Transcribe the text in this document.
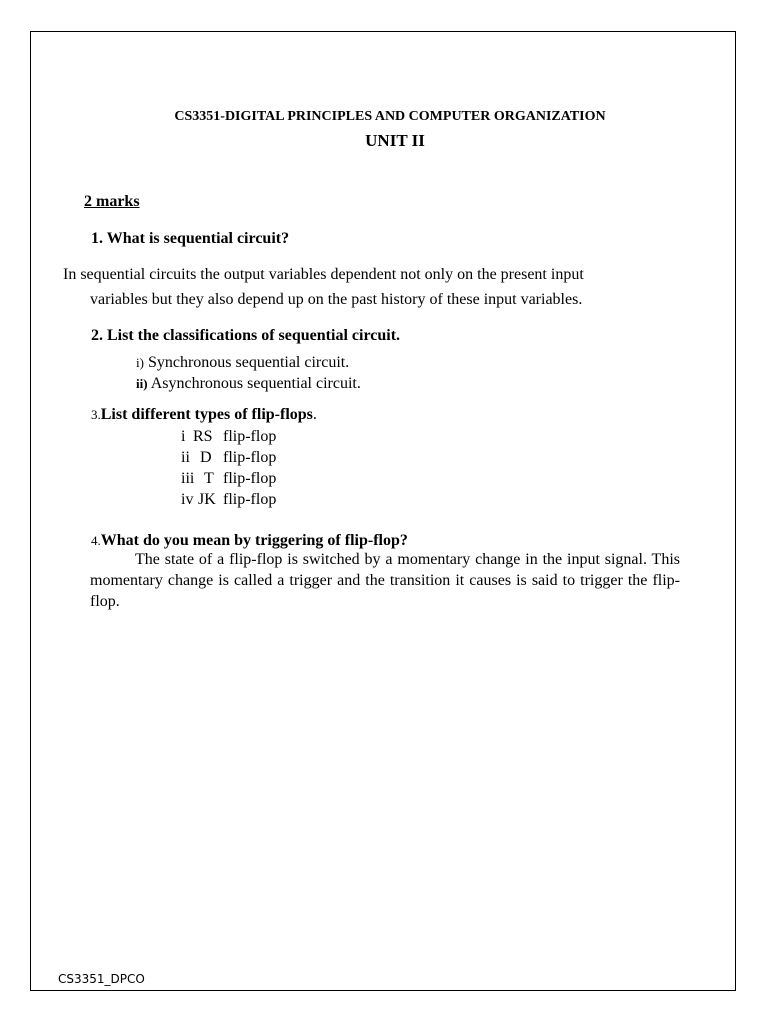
CS3351-DIGITAL PRINCIPLES AND COMPUTER ORGANIZATION
UNIT II
2 marks
1. What is sequential circuit?
In sequential circuits the output variables dependent not only on the present input
variables but they also depend up on the past history of these input variables.
2. List the classifications of sequential circuit.
i) Synchronous sequential circuit.
ii) Asynchronous sequential circuit.
3.List different types of flip-flops.
i RS flip-flop
ii D flip-flop
iii T flip-flop
iv JK flip-flop
4.What do you mean by triggering of flip-flop?
The state of a flip-flop is switched by a momentary change in the input signal. This momentary change is called a trigger and the transition it causes is said to trigger the flip-flop.
CS3351_DPCO
